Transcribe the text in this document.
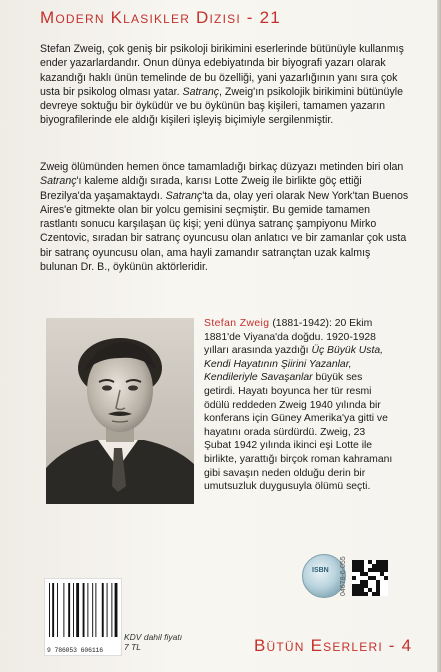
Modern Klasikler Dizisi - 21

Stefan Zweig, çok geniş bir psikoloji birikimini eserlerinde bütünüyle kullanmış ender yazarlardandır. Onun dünya edebiyatında bir biyografi yazarı olarak kazandığı haklı ünün temelinde de bu özelliği, yani yazarlığının yanı sıra çok usta bir psikolog olması yatar. Satranç, Zweig'ın psikolojik birikimini bütünüyle devreye soktuğu bir öyküdür ve bu öykünün baş kişileri, tamamen yazarın biyografilerinde ele aldığı kişileri işleyiş biçimiyle sergilenmiştir.

Zweig ölümünden hemen önce tamamladığı birkaç düzyazı metinden biri olan Satranç'ı kaleme aldığı sırada, karısı Lotte Zweig ile birlikte göç ettiği Brezilya'da yaşamaktaydı. Satranç'ta da, olay yeri olarak New York'tan Buenos Aires'e gitmekte olan bir yolcu gemisini seçmiştir. Bu gemide tamamen rastlantı sonucu karşılaşan üç kişi; yeni dünya satranç şampiyonu Mirko Czentovic, sıradan bir satranç oyuncusu olan anlatıcı ve bir zamanlar çok usta bir satranç oyuncusu olan, ama hayli zamandır satrançtan uzak kalmış bulunan Dr. B., öykünün aktörleridir.

Stefan Zweig (1881-1942): 20 Ekim 1881'de Viyana'da doğdu. 1920-1928 yılları arasında yazdığı Üç Büyük Usta, Kendi Hayatının Şiirini Yazanlar, Kendileriyle Savaşanlar büyük ses getirdi. Hayatı boyunca her tür resmi ödülü reddeden Zweig 1940 yılında bir konferans için Güney Amerika'ya gitti ve hayatını orada sürdürdü. Zweig, 23 Şubat 1942 yılında ikinci eşi Lotte ile birlikte, yarattığı birçok roman kahramanı gibi savaşın neden olduğu derin bir umutsuzluk duygusuyla ölümü seçti.
9 786053 606116
KDV dahil fiyatı
7 TL
ISBN 04678-6-055
Bütün Eserleri - 4
